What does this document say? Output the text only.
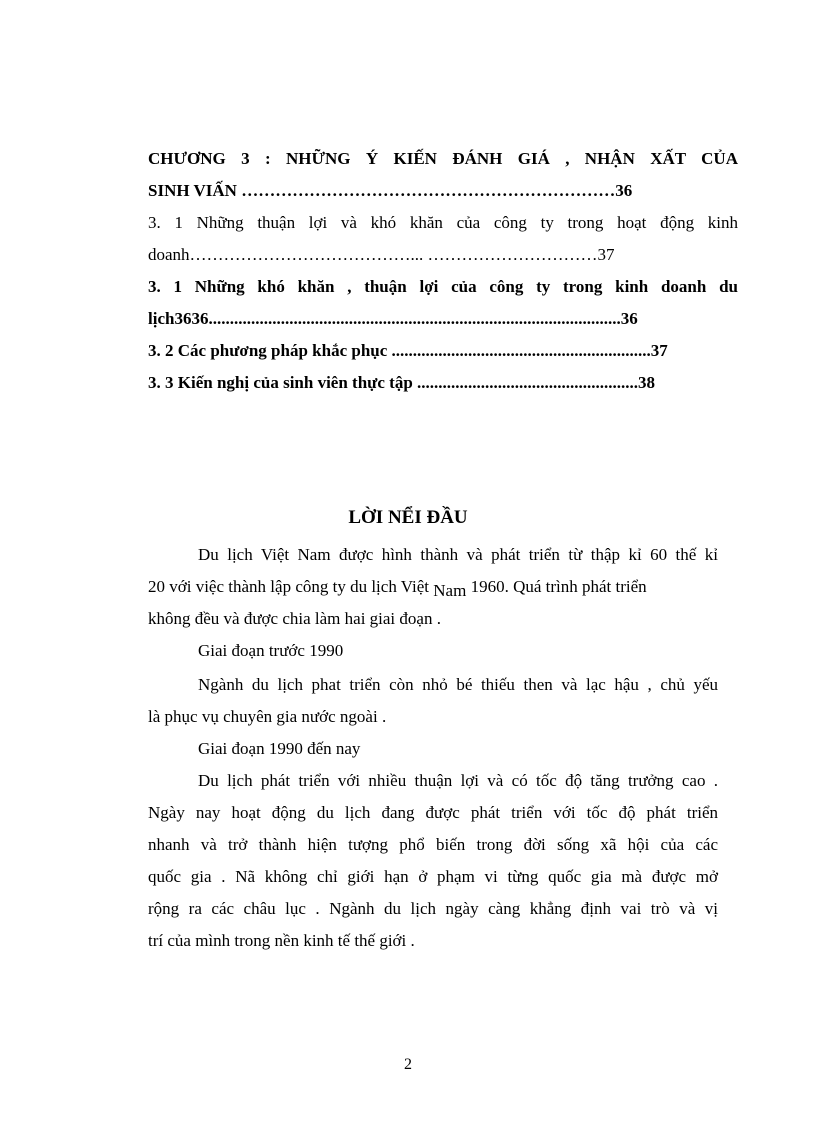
CHƯƠNG 3 : NHỮNG Ý KIẾN ĐÁNH GIÁ , NHẬN XẤT CỦA
SINH VIẤN …………………………………………………………36
3. 1 Những thuận lợi và khó khăn của công ty trong hoạt động kinh
doanh…………………………………... …………………………37
3. 1 Những khó khăn , thuận lợi của công ty trong kinh doanh du
lịch3636.................................................................................................36
3. 2 Các phương pháp khắc phục .............................................................37
3. 3 Kiến nghị của sinh viên thực tập ....................................................38
LỜI NỂI ĐẦU
Du lịch Việt Nam được hình thành và phát triển từ thập kỉ 60 thế kỉ
20 với việc thành lập công ty du lịch Việt Nam 1960. Quá trình phát triển
không đều và được chia làm hai giai đoạn .
Giai đoạn trước 1990
Ngành du lịch phat triển còn nhỏ bé thiếu then và lạc hậu , chủ yếu
là phục vụ chuyên gia nước ngoài .
Giai đoạn 1990 đến nay
Du lịch phát triển với nhiều thuận lợi và có tốc độ tăng trưởng cao .
Ngày nay hoạt động du lịch đang được phát triển với tốc độ phát triển
nhanh và trở thành hiện tượng phổ biến trong đời sống xã hội của các
quốc gia . Nã không chỉ giới hạn ở phạm vi từng quốc gia mà được mở
rộng ra các châu lục . Ngành du lịch ngày càng khẳng định vai trò và vị
trí của mình trong nền kinh tế thế giới .
2
